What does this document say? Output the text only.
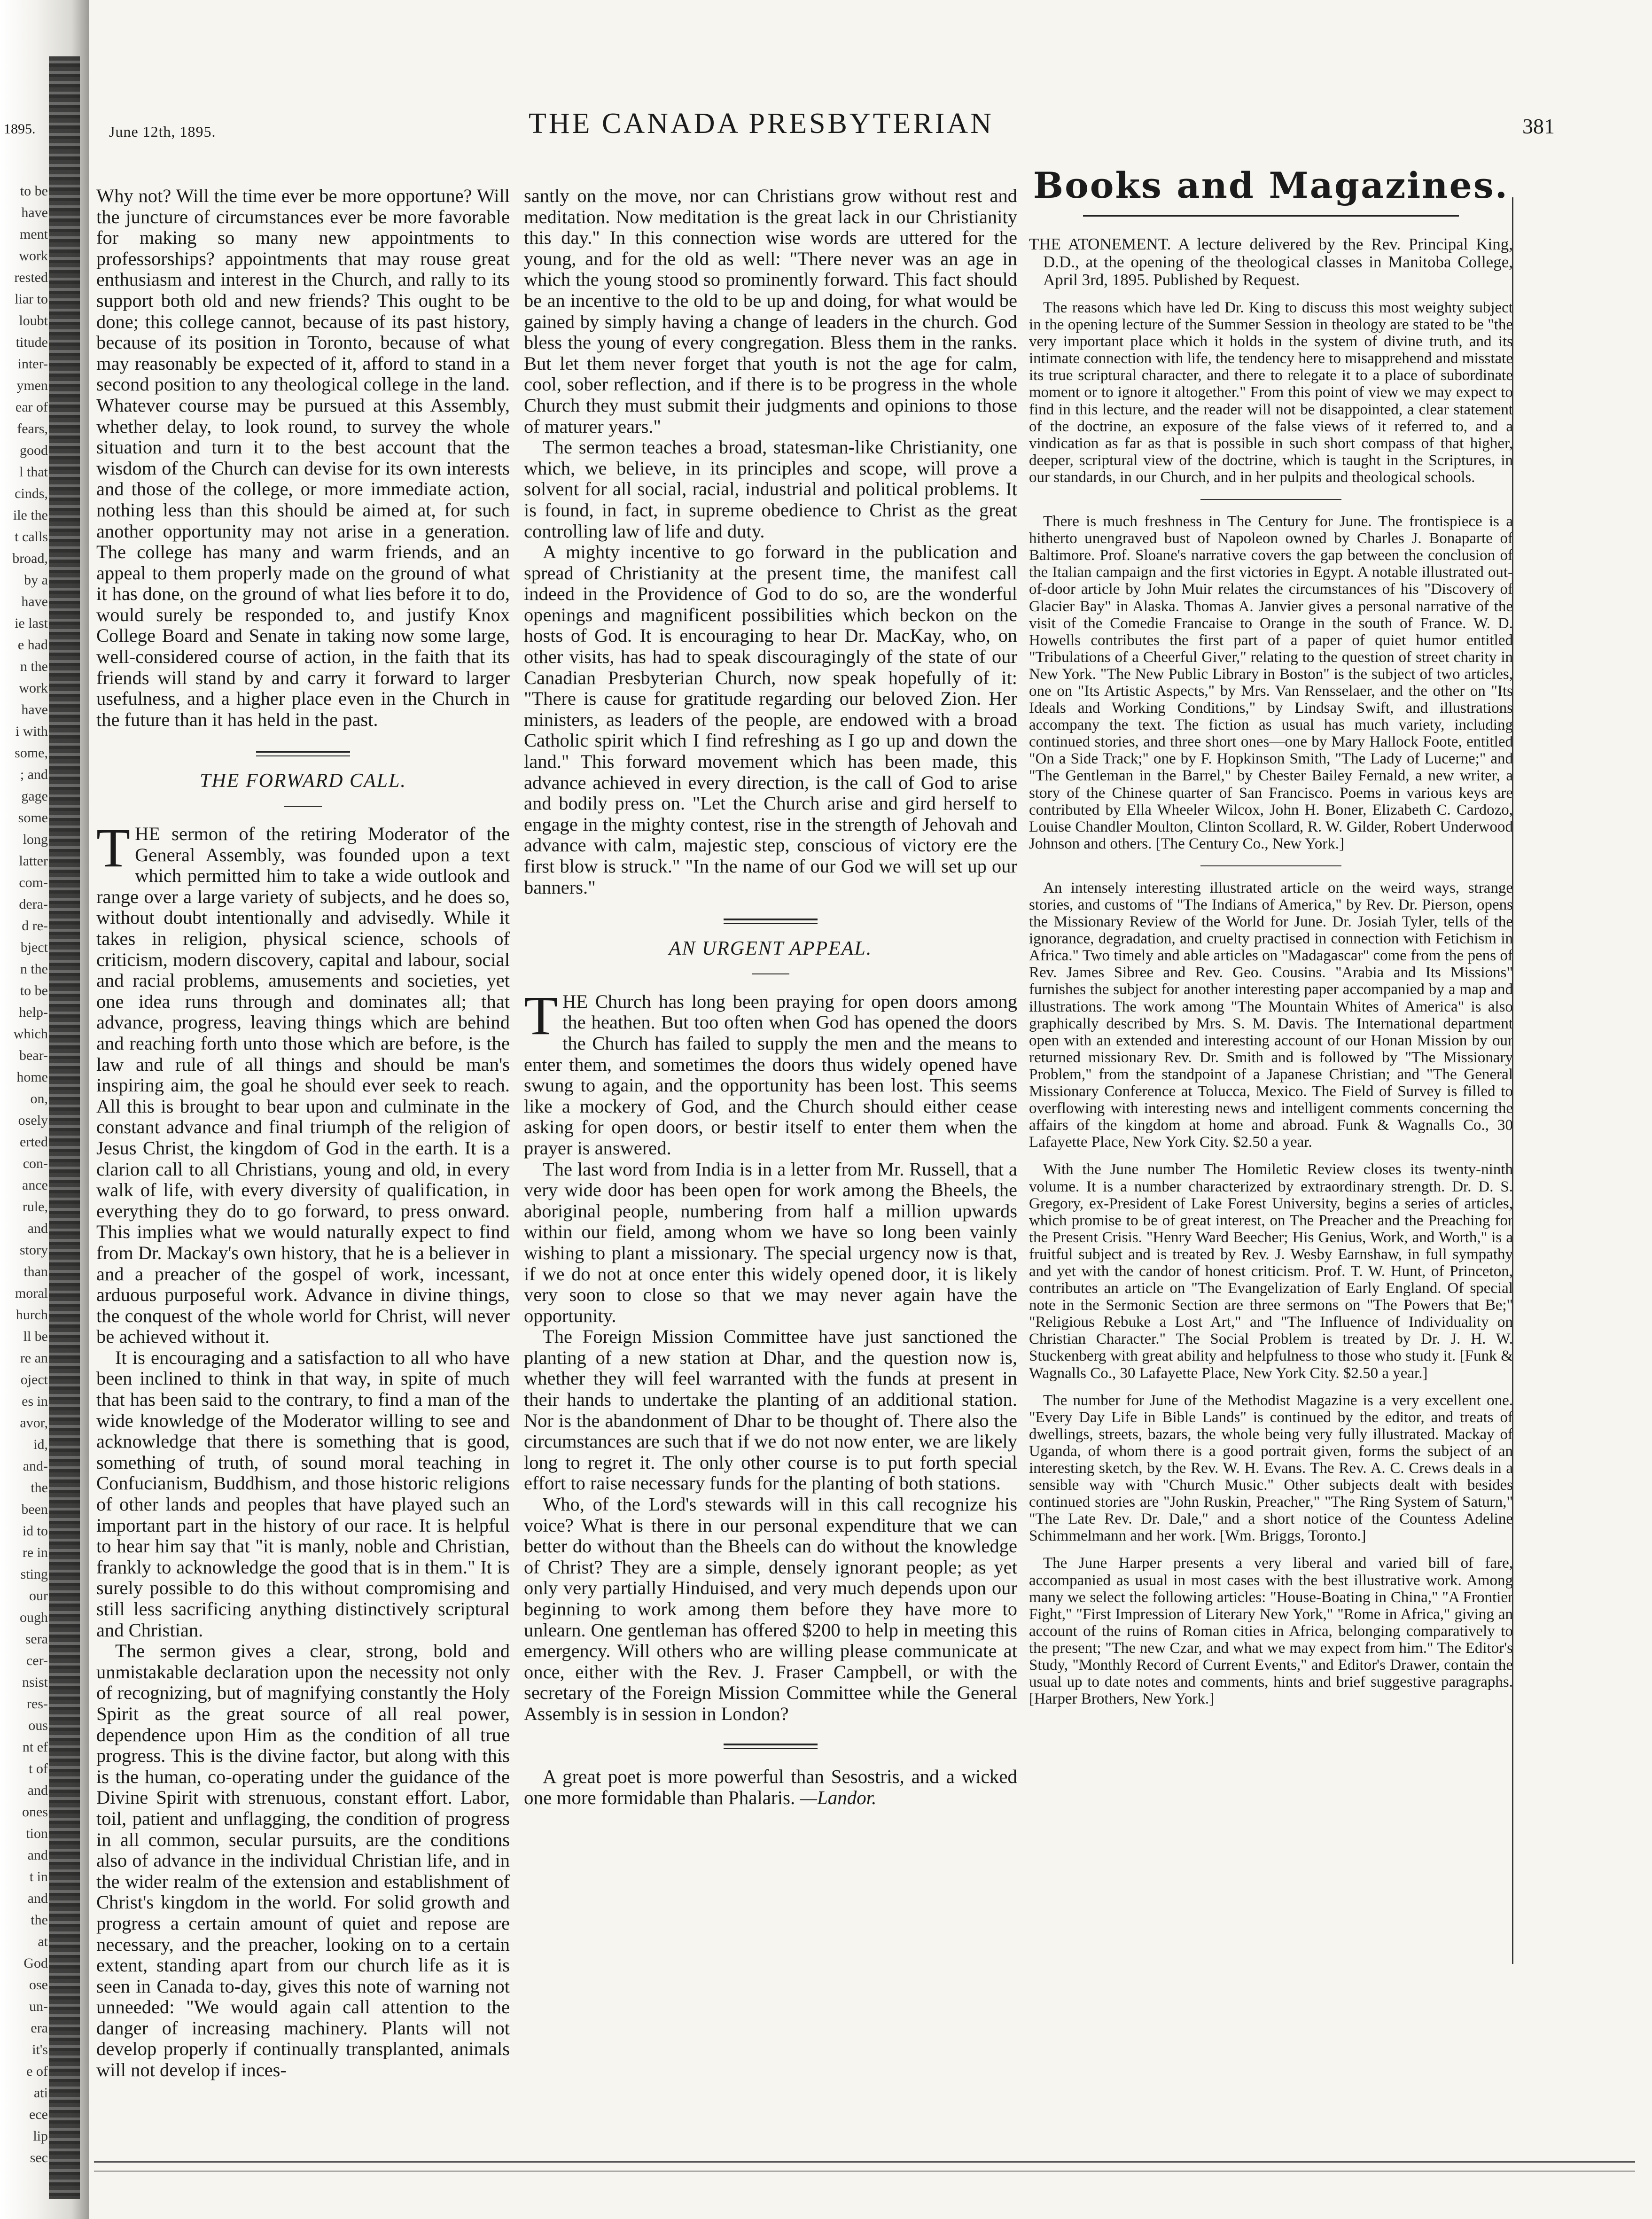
to be
have
ment
work
rested
liar to
loubt
titude
inter-
ymen
ear of
fears,
good
l that
cinds,
ile the
t calls
broad,
by a
have
ie last
e had
n the
work
have
i with
some,
; and
gage
some
long
latter
com-
dera-
d re-
bject
n the
to be
help-
which
bear-
home
on,
osely
erted
con-
ance
rule,
and
story
than
moral
hurch
ll be
re an
oject
es in
avor,
id,
and-
the
been
id to
re in
sting
our
ough
sera
cer-
nsist
res-
ous
nt ef
t of
and
ones
tion
and
t in
and
the
at
God
ose
un-
era
it's
e of
ati
ece
lip
sec
1895.	June 12th, 1895.	THE CANADA PRESBYTERIAN	381

Why not? Will the time ever be more opportune? Will the juncture of circumstances ever be more favorable for making so many new appointments to professorships? appointments that may rouse great enthusiasm and interest in the Church, and rally to its support both old and new friends? This ought to be done; this college cannot, because of its past history, because of its position in Toronto, because of what may reasonably be expected of it, afford to stand in a second position to any theological college in the land. Whatever course may be pursued at this Assembly, whether delay, to look round, to survey the whole situation and turn it to the best account that the wisdom of the Church can devise for its own interests and those of the college, or more immediate action, nothing less than this should be aimed at, for such another opportunity may not arise in a generation. The college has many and warm friends, and an appeal to them properly made on the ground of what it has done, on the ground of what lies before it to do, would surely be responded to, and justify Knox College Board and Senate in taking now some large, well-considered course of action, in the faith that its friends will stand by and carry it forward to larger usefulness, and a higher place even in the Church in the future than it has held in the past.

THE FORWARD CALL.

THE sermon of the retiring Moderator of the General Assembly, was founded upon a text which permitted him to take a wide outlook and range over a large variety of subjects, and he does so, without doubt intentionally and advisedly. While it takes in religion, physical science, schools of criticism, modern discovery, capital and labour, social and racial problems, amusements and societies, yet one idea runs through and dominates all; that advance, progress, leaving things which are behind and reaching forth unto those which are before, is the law and rule of all things and should be man's inspiring aim, the goal he should ever seek to reach. All this is brought to bear upon and culminate in the constant advance and final triumph of the religion of Jesus Christ, the kingdom of God in the earth. It is a clarion call to all Christians, young and old, in every walk of life, with every diversity of qualification, in everything they do to go forward, to press onward. This implies what we would naturally expect to find from Dr. Mackay's own history, that he is a believer in and a preacher of the gospel of work, incessant, arduous purposeful work. Advance in divine things, the conquest of the whole world for Christ, will never be achieved without it.

It is encouraging and a satisfaction to all who have been inclined to think in that way, in spite of much that has been said to the contrary, to find a man of the wide knowledge of the Moderator willing to see and acknowledge that there is something that is good, something of truth, of sound moral teaching in Confucianism, Buddhism, and those historic religions of other lands and peoples that have played such an important part in the history of our race. It is helpful to hear him say that "it is manly, noble and Christian, frankly to acknowledge the good that is in them." It is surely possible to do this without compromising and still less sacrificing anything distinctively scriptural and Christian.

The sermon gives a clear, strong, bold and unmistakable declaration upon the necessity not only of recognizing, but of magnifying constantly the Holy Spirit as the great source of all real power, dependence upon Him as the condition of all true progress. This is the divine factor, but along with this is the human, co-operating under the guidance of the Divine Spirit with strenuous, constant effort. Labor, toil, patient and unflagging, the condition of progress in all common, secular pursuits, are the conditions also of advance in the individual Christian life, and in the wider realm of the extension and establishment of Christ's kingdom in the world. For solid growth and progress a certain amount of quiet and repose are necessary, and the preacher, looking on to a certain extent, standing apart from our church life as it is seen in Canada to-day, gives this note of warning not unneeded: "We would again call attention to the danger of increasing machinery. Plants will not develop properly if continually transplanted, animals will not develop if inces-

santly on the move, nor can Christians grow without rest and meditation. Now meditation is the great lack in our Christianity this day." In this connection wise words are uttered for the young, and for the old as well: "There never was an age in which the young stood so prominently forward. This fact should be an incentive to the old to be up and doing, for what would be gained by simply having a change of leaders in the church. God bless the young of every congregation. Bless them in the ranks. But let them never forget that youth is not the age for calm, cool, sober reflection, and if there is to be progress in the whole Church they must submit their judgments and opinions to those of maturer years."

The sermon teaches a broad, statesman-like Christianity, one which, we believe, in its principles and scope, will prove a solvent for all social, racial, industrial and political problems. It is found, in fact, in supreme obedience to Christ as the great controlling law of life and duty.

A mighty incentive to go forward in the publication and spread of Christianity at the present time, the manifest call indeed in the Providence of God to do so, are the wonderful openings and magnificent possibilities which beckon on the hosts of God. It is encouraging to hear Dr. MacKay, who, on other visits, has had to speak discouragingly of the state of our Canadian Presbyterian Church, now speak hopefully of it: "There is cause for gratitude regarding our beloved Zion. Her ministers, as leaders of the people, are endowed with a broad Catholic spirit which I find refreshing as I go up and down the land." This forward movement which has been made, this advance achieved in every direction, is the call of God to arise and bodily press on. "Let the Church arise and gird herself to engage in the mighty contest, rise in the strength of Jehovah and advance with calm, majestic step, conscious of victory ere the first blow is struck." "In the name of our God we will set up our banners."

AN URGENT APPEAL.

THE Church has long been praying for open doors among the heathen. But too often when God has opened the doors the Church has failed to supply the men and the means to enter them, and sometimes the doors thus widely opened have swung to again, and the opportunity has been lost. This seems like a mockery of God, and the Church should either cease asking for open doors, or bestir itself to enter them when the prayer is answered.

The last word from India is in a letter from Mr. Russell, that a very wide door has been open for work among the Bheels, the aboriginal people, numbering from half a million upwards within our field, among whom we have so long been vainly wishing to plant a missionary. The special urgency now is that, if we do not at once enter this widely opened door, it is likely very soon to close so that we may never again have the opportunity.

The Foreign Mission Committee have just sanctioned the planting of a new station at Dhar, and the question now is, whether they will feel warranted with the funds at present in their hands to undertake the planting of an additional station. Nor is the abandonment of Dhar to be thought of. There also the circumstances are such that if we do not now enter, we are likely long to regret it. The only other course is to put forth special effort to raise necessary funds for the planting of both stations.

Who, of the Lord's stewards will in this call recognize his voice? What is there in our personal expenditure that we can better do without than the Bheels can do without the knowledge of Christ? They are a simple, densely ignorant people; as yet only very partially Hinduised, and very much depends upon our beginning to work among them before they have more to unlearn. One gentleman has offered $200 to help in meeting this emergency. Will others who are willing please communicate at once, either with the Rev. J. Fraser Campbell, or with the secretary of the Foreign Mission Committee while the General Assembly is in session in London?

A great poet is more powerful than Sesostris, and a wicked one more formidable than Phalaris. —Landor.

Books and Magazines.

THE ATONEMENT. A lecture delivered by the Rev. Principal King, D.D., at the opening of the theological classes in Manitoba College, April 3rd, 1895. Published by Request.

The reasons which have led Dr. King to discuss this most weighty subject in the opening lecture of the Summer Session in theology are stated to be "the very important place which it holds in the system of divine truth, and its intimate connection with life, the tendency here to misapprehend and misstate its true scriptural character, and there to relegate it to a place of subordinate moment or to ignore it altogether." From this point of view we may expect to find in this lecture, and the reader will not be disappointed, a clear statement of the doctrine, an exposure of the false views of it referred to, and a vindication as far as that is possible in such short compass of that higher, deeper, scriptural view of the doctrine, which is taught in the Scriptures, in our standards, in our Church, and in her pulpits and theological schools.

There is much freshness in The Century for June. The frontispiece is a hitherto unengraved bust of Napoleon owned by Charles J. Bonaparte of Baltimore. Prof. Sloane's narrative covers the gap between the conclusion of the Italian campaign and the first victories in Egypt. A notable illustrated out-of-door article by John Muir relates the circumstances of his "Discovery of Glacier Bay" in Alaska. Thomas A. Janvier gives a personal narrative of the visit of the Comedie Francaise to Orange in the south of France. W. D. Howells contributes the first part of a paper of quiet humor entitled "Tribulations of a Cheerful Giver," relating to the question of street charity in New York. "The New Public Library in Boston" is the subject of two articles, one on "Its Artistic Aspects," by Mrs. Van Rensselaer, and the other on "Its Ideals and Working Conditions," by Lindsay Swift, and illustrations accompany the text. The fiction as usual has much variety, including continued stories, and three short ones—one by Mary Hallock Foote, entitled "On a Side Track;" one by F. Hopkinson Smith, "The Lady of Lucerne;" and "The Gentleman in the Barrel," by Chester Bailey Fernald, a new writer, a story of the Chinese quarter of San Francisco. Poems in various keys are contributed by Ella Wheeler Wilcox, John H. Boner, Elizabeth C. Cardozo, Louise Chandler Moulton, Clinton Scollard, R. W. Gilder, Robert Underwood Johnson and others. [The Century Co., New York.]

An intensely interesting illustrated article on the weird ways, strange stories, and customs of "The Indians of America," by Rev. Dr. Pierson, opens the Missionary Review of the World for June. Dr. Josiah Tyler, tells of the ignorance, degradation, and cruelty practised in connection with Fetichism in Africa." Two timely and able articles on "Madagascar" come from the pens of Rev. James Sibree and Rev. Geo. Cousins. "Arabia and Its Missions" furnishes the subject for another interesting paper accompanied by a map and illustrations. The work among "The Mountain Whites of America" is also graphically described by Mrs. S. M. Davis. The International department open with an extended and interesting account of our Honan Mission by our returned missionary Rev. Dr. Smith and is followed by "The Missionary Problem," from the standpoint of a Japanese Christian; and "The General Missionary Conference at Tolucca, Mexico. The Field of Survey is filled to overflowing with interesting news and intelligent comments concerning the affairs of the kingdom at home and abroad. Funk & Wagnalls Co., 30 Lafayette Place, New York City. $2.50 a year.

With the June number The Homiletic Review closes its twenty-ninth volume. It is a number characterized by extraordinary strength. Dr. D. S. Gregory, ex-President of Lake Forest University, begins a series of articles, which promise to be of great interest, on The Preacher and the Preaching for the Present Crisis. "Henry Ward Beecher; His Genius, Work, and Worth," is a fruitful subject and is treated by Rev. J. Wesby Earnshaw, in full sympathy and yet with the candor of honest criticism. Prof. T. W. Hunt, of Princeton, contributes an article on "The Evangelization of Early England. Of special note in the Sermonic Section are three sermons on "The Powers that Be;" "Religious Rebuke a Lost Art," and "The Influence of Individuality on Christian Character." The Social Problem is treated by Dr. J. H. W. Stuckenberg with great ability and helpfulness to those who study it. [Funk & Wagnalls Co., 30 Lafayette Place, New York City. $2.50 a year.]

The number for June of the Methodist Magazine is a very excellent one. "Every Day Life in Bible Lands" is continued by the editor, and treats of dwellings, streets, bazars, the whole being very fully illustrated. Mackay of Uganda, of whom there is a good portrait given, forms the subject of an interesting sketch, by the Rev. W. H. Evans. The Rev. A. C. Crews deals in a sensible way with "Church Music." Other subjects dealt with besides continued stories are "John Ruskin, Preacher," "The Ring System of Saturn," "The Late Rev. Dr. Dale," and a short notice of the Countess Adeline Schimmelmann and her work. [Wm. Briggs, Toronto.]

The June Harper presents a very liberal and varied bill of fare, accompanied as usual in most cases with the best illustrative work. Among many we select the following articles: "House-Boating in China," "A Frontier Fight," "First Impression of Literary New York," "Rome in Africa," giving an account of the ruins of Roman cities in Africa, belonging comparatively to the present; "The new Czar, and what we may expect from him." The Editor's Study, "Monthly Record of Current Events," and Editor's Drawer, contain the usual up to date notes and comments, hints and brief suggestive paragraphs. [Harper Brothers, New York.]
